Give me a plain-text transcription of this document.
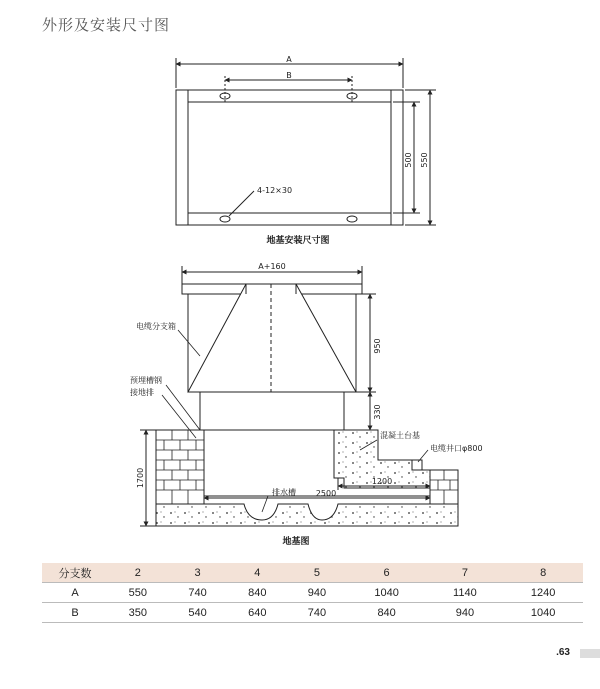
外形及安装尺寸图
A
B
500 550
4-12×30
地基安装尺寸图
A+160
950
330
1700
2500
1200
电缆分支箱
预埋槽钢
接地排
混凝土台基
电缆井口φ800
排水槽
地基图
分支数	2	3	4	5	6	7	8
A	550	740	840	940	1040	1140	1240
B	350	540	640	740	840	940	1040
.63
